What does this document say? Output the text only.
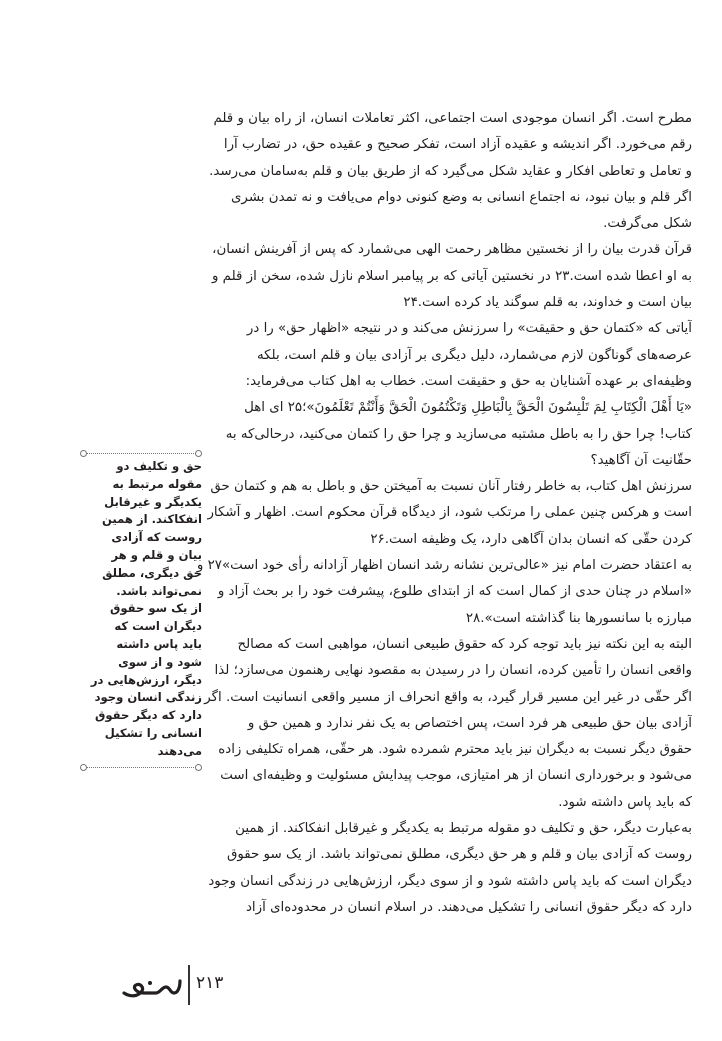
مطرح است. اگر انسان موجودی است اجتماعی، اکثر تعاملات انسان، از راه بیان و قلم
رقم می‌خورد. اگر اندیشه و عقیده آزاد است، تفکر صحیح و عقیده حق، در تضارب آرا
و تعامل و تعاطی افکار و عقاید شکل می‌گیرد که از طریق بیان و قلم به‌سامان می‌رسد.
اگر قلم و بیان نبود، نه اجتماع انسانی به وضع کنونی دوام می‌یافت و نه تمدن بشری
شکل می‌گرفت.
قرآن قدرت بیان را از نخستین مظاهر رحمت الهی می‌شمارد که پس از آفرینش انسان،
به او اعطا شده است.۲۳ در نخستین آیاتی که بر پیامبر اسلام نازل شده، سخن از قلم و
بیان است و خداوند، به قلم سوگند یاد کرده است.۲۴
آیاتی که «کتمان حق و حقیقت» را سرزنش می‌کند و در نتیجه «اظهار حق» را در
عرصه‌های گوناگون لازم می‌شمارد، دلیل دیگری بر آزادی بیان و قلم است، بلکه
وظیفه‌ای بر عهده آشنایان به حق و حقیقت است. خطاب به اهل کتاب می‌فرماید:
«يَا أَهْلَ الْكِتَابِ لِمَ تَلْبِسُونَ الْحَقَّ بِالْبَاطِلِ وَتَكْتُمُونَ الْحَقَّ وَأَنْتُمْ تَعْلَمُونَ»؛۲۵ ای اهل
کتاب! چرا حق را به باطل مشتبه می‌سازید و چرا حق را کتمان می‌کنید، درحالی‌که به
حقّانیت آن آگاهید؟
سرزنش اهل کتاب، به خاطر رفتار آنان نسبت به آمیختن حق و باطل به هم و کتمان حق
است و هرکس چنین عملی را مرتکب شود، از دیدگاه قرآن محکوم است. اظهار و آشکار
کردن حقّی که انسان بدان آگاهی دارد، یک وظیفه است.۲۶
به اعتقاد حضرت امام نیز «عالی‌ترین نشانه رشد انسان اظهار آزادانه رأی خود است»۲۷ و
«اسلام در چنان حدی از کمال است که از ابتدای طلوع، پیشرفت خود را بر بحث آزاد و
مبارزه با سانسورها بنا گذاشته است».۲۸
البته به این نکته نیز باید توجه کرد که حقوق طبیعی انسان، مواهبی است که مصالح
واقعی انسان را تأمین کرده، انسان را در رسیدن به مقصود نهایی رهنمون می‌سازد؛ لذا
اگر حقّی در غیر این مسیر قرار گیرد، به واقع انحراف از مسیر واقعی انسانیت است. اگر
آزادی بیان حق طبیعی هر فرد است، پس اختصاص به یک نفر ندارد و همین حق و
حقوق دیگر نسبت به دیگران نیز باید محترم شمرده شود. هر حقّی، همراه تکلیفی زاده
می‌شود و برخورداری انسان از هر امتیازی، موجب پیدایش مسئولیت و وظیفه‌ای است
که باید پاس داشته شود.
به‌عبارت دیگر، حق و تکلیف دو مقوله مرتبط به یکدیگر و غیرقابل انفکاکند. از همین
روست که آزادی بیان و قلم و هر حق دیگری، مطلق نمی‌تواند باشد. از یک سو حقوق
دیگران است که باید پاس داشته شود و از سوی دیگر، ارزش‌هایی در زندگی انسان وجود
دارد که دیگر حقوق انسانی را تشکیل می‌دهند. در اسلام انسان در محدوده‌ای آزاد
حق و تکلیف دو
مقوله مرتبط به
یکدیگر و غیرقابل
انفکاکند. از همین
روست که آزادی
بیان و قلم و هر
حق دیگری، مطلق
نمی‌تواند باشد.
از یک سو حقوق
دیگران است که
باید پاس داشته
شود و از سوی
دیگر، ارزش‌هایی در
زندگی انسان وجود
دارد که دیگر حقوق
انسانی را تشکیل
می‌دهند
۲۱۳
